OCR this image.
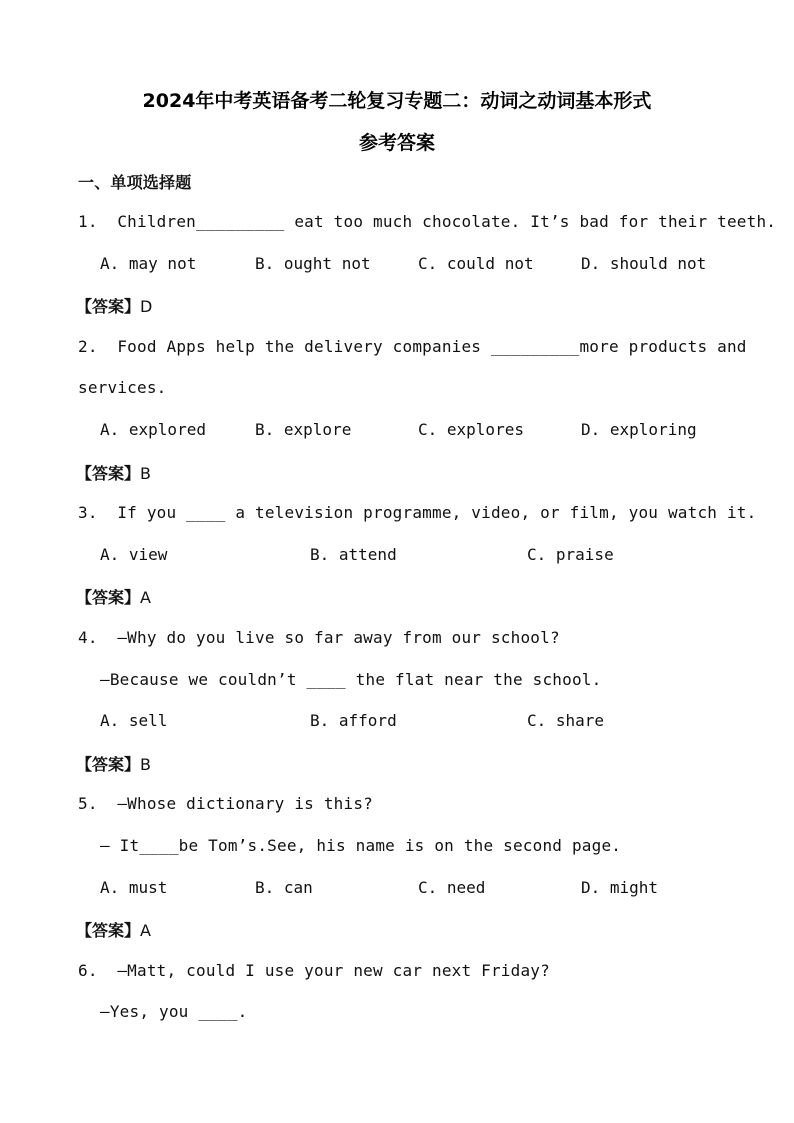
2024年中考英语备考二轮复习专题二：动词之动词基本形式
参考答案
一、单项选择题
1.  Children_________ eat too much chocolate. It’s bad for their teeth.
A. may not	B. ought not	C. could not	D. should not
【答案】D
2.  Food Apps help the delivery companies _________more products and
services.
A. explored	B. explore	C. explores	D. exploring
【答案】B
3.  If you ____ a television programme, video, or film, you watch it.
A. view	B. attend	C. praise
【答案】A
4.  —Why do you live so far away from our school?
—Because we couldn’t ____ the flat near the school.
A. sell	B. afford	C. share
【答案】B
5.  —Whose dictionary is this?
— It____be Tom’s.See, his name is on the second page.
A. must	B. can	C. need	D. might
【答案】A
6.  —Matt, could I use your new car next Friday?
—Yes, you ____.
